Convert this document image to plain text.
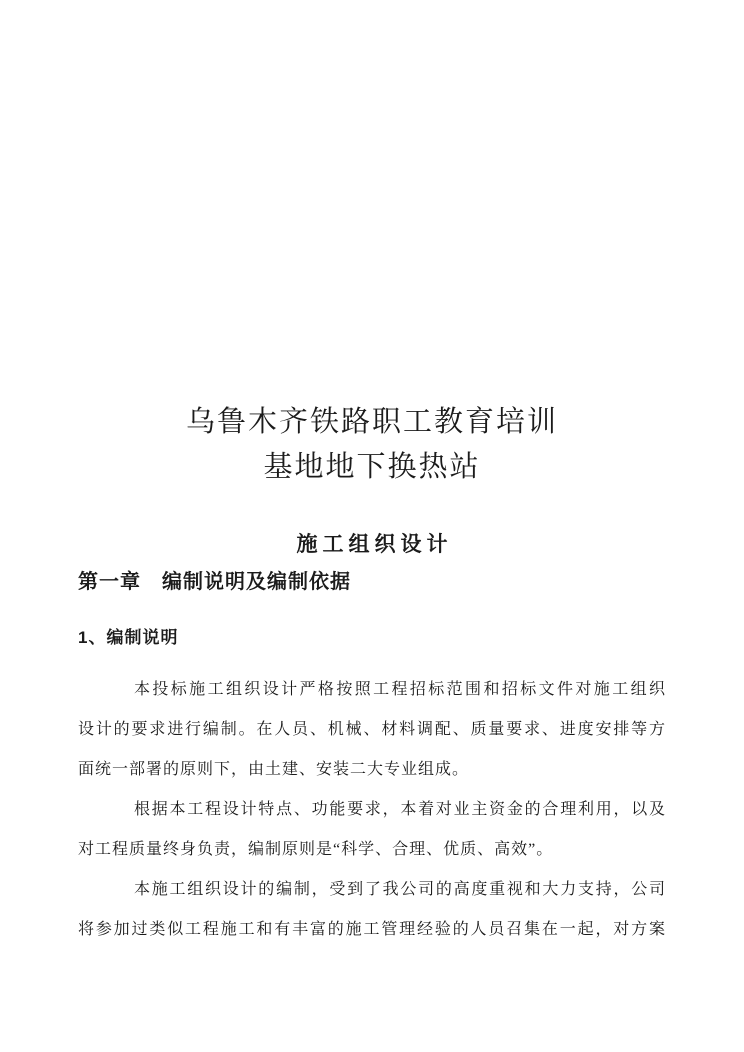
乌鲁木齐铁路职工教育培训
基地地下换热站
施工组织设计
第一章　编制说明及编制依据
1、编制说明

本投标施工组织设计严格按照工程招标范围和招标文件对施工组织
设计的要求进行编制。在人员、机械、材料调配、质量要求、进度安排等方
面统一部署的原则下，由土建、安装二大专业组成。

根据本工程设计特点、功能要求，本着对业主资金的合理利用，以及
对工程质量终身负责，编制原则是“科学、合理、优质、高效”。

本施工组织设计的编制，受到了我公司的高度重视和大力支持，公司
将参加过类似工程施工和有丰富的施工管理经验的人员召集在一起，对方案
